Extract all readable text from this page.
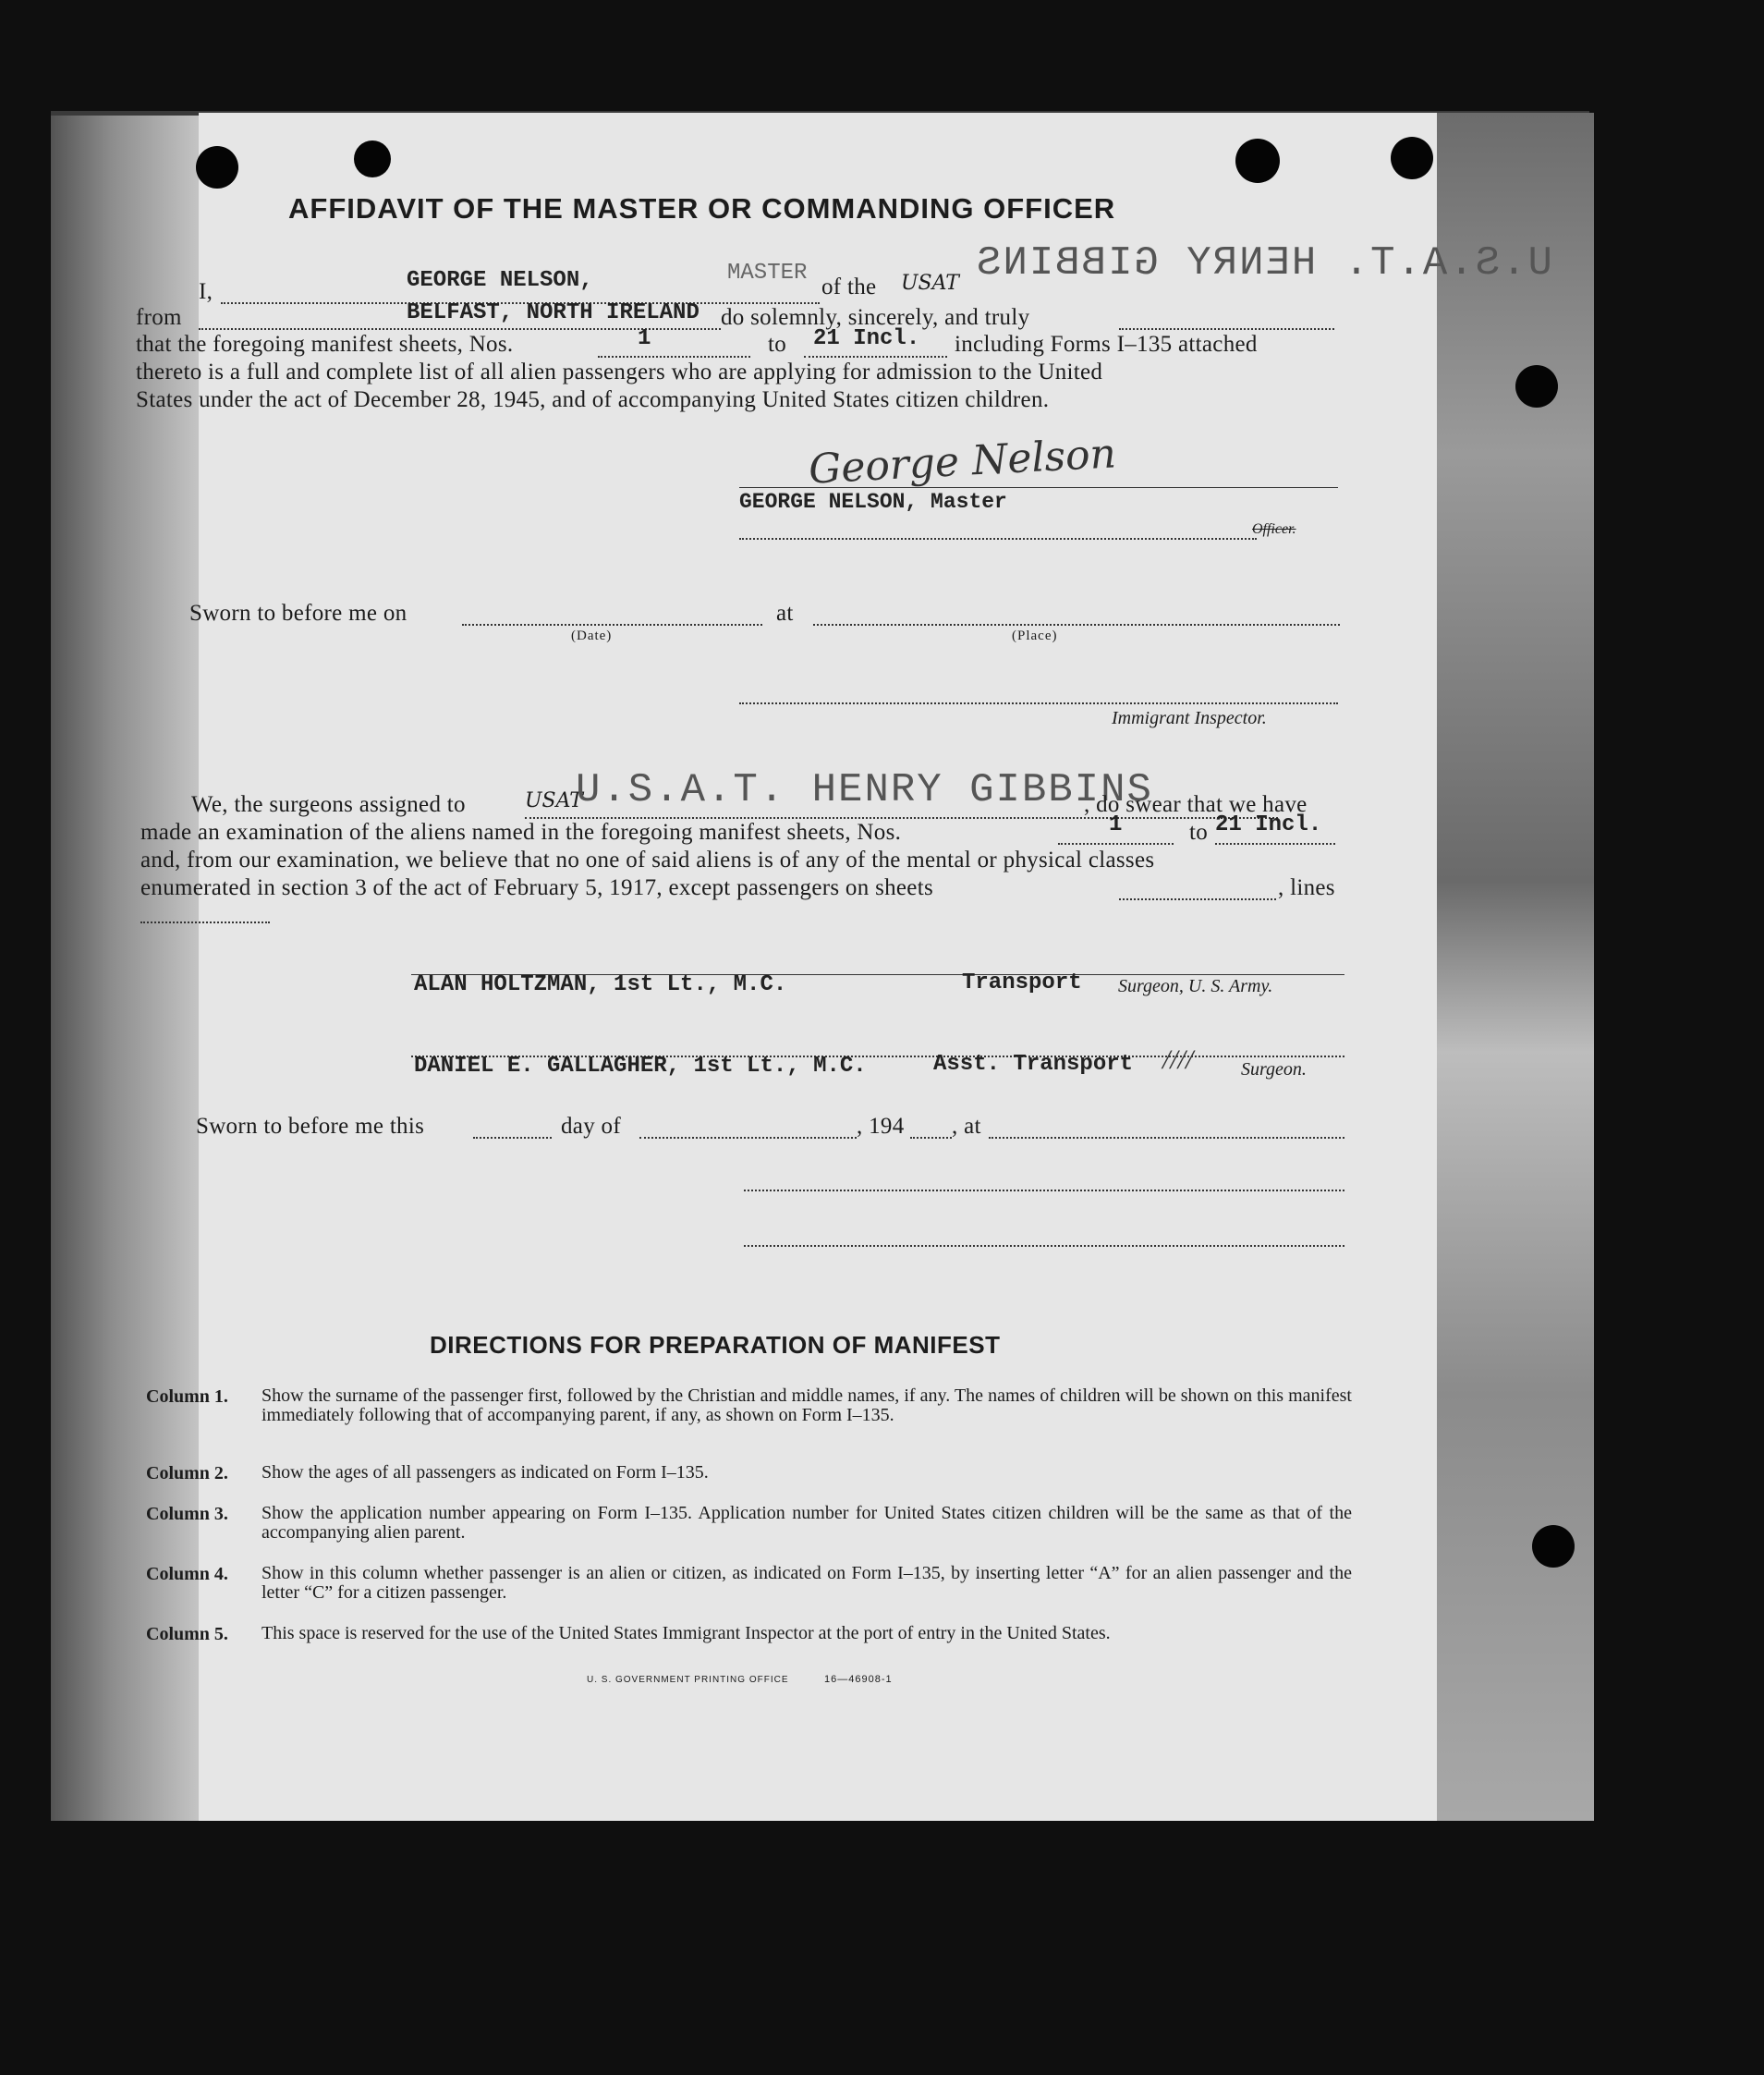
AFFIDAVIT OF THE MASTER OR COMMANDING OFFICER
I,	GEORGE NELSON,	MASTER
of the USAT U.S.A.T. HENRY GIBBINS
from	BELFAST, NORTH IRELAND do solemnly, sincerely, and truly
that the foregoing manifest sheets, Nos.	1	to 21 Incl. including Forms I–135 attached
thereto is a full and complete list of all alien passengers who are applying for admission to the United
States under the act of December 28, 1945, and of accompanying United States citizen children.
George Nelson
GEORGE NELSON, Master
Officer.
Sworn to before me on
(Date)
at
(Place)
Immigrant Inspector.
We, the surgeons assigned to	USAT
U.S.A.T. HENRY GIBBINS
, do swear that we have
made an examination of the aliens named in the foregoing manifest sheets, Nos.	1	to 21 Incl.
and, from our examination, we believe that no one of said aliens is of any of the mental or physical classes
enumerated in section 3 of the act of February 5, 1917, except passengers on sheets	, lines
ALAN HOLTZMAN, 1st Lt., M.C.	Transport Surgeon, U. S. Army.
DANIEL E. GALLAGHER, 1st Lt., M.C.	Asst. Transport ////	Surgeon.
Sworn to before me this	day of	, 194 , at
DIRECTIONS FOR PREPARATION OF MANIFEST
Column 1. Show the surname of the passenger first, followed by the Christian and middle names, if any. The names of children will be shown on this manifest immediately following that of accompanying parent, if any, as shown on Form I–135.
Column 2. Show the ages of all passengers as indicated on Form I–135.
Column 3. Show the application number appearing on Form I–135. Application number for United States citizen children will be the same as that of the accompanying alien parent.
Column 4. Show in this column whether passenger is an alien or citizen, as indicated on Form I–135, by inserting letter “A” for an alien passenger and the letter “C” for a citizen passenger.
Column 5. This space is reserved for the use of the United States Immigrant Inspector at the port of entry in the United States.
U. S. GOVERNMENT PRINTING OFFICE	16—46908-1
